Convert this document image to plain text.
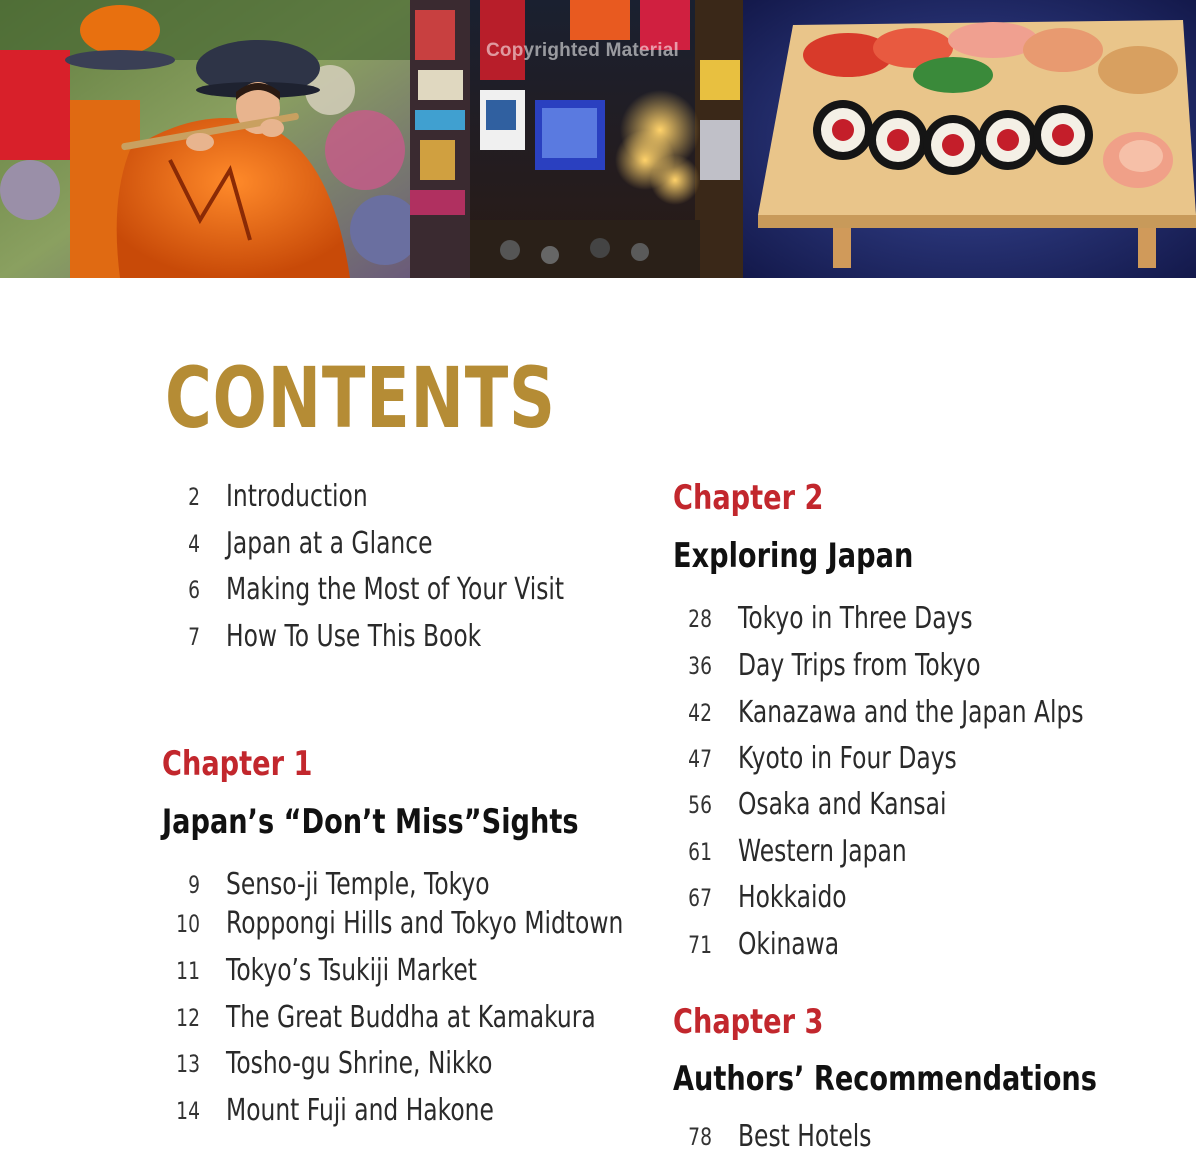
Copyrighted Material
CONTENTS
2 Introduction
4 Japan at a Glance
6 Making the Most of Your Visit
7 How To Use This Book
Chapter 1
Japan’s “Don’t Miss”Sights
9 Senso-ji Temple, Tokyo
10 Roppongi Hills and Tokyo Midtown
11 Tokyo’s Tsukiji Market
12 The Great Buddha at Kamakura
13 Tosho-gu Shrine, Nikko
14 Mount Fuji and Hakone
Chapter 2
Exploring Japan
28 Tokyo in Three Days
36 Day Trips from Tokyo
42 Kanazawa and the Japan Alps
47 Kyoto in Four Days
56 Osaka and Kansai
61 Western Japan
67 Hokkaido
71 Okinawa
Chapter 3
Authors’ Recommendations
78 Best Hotels
